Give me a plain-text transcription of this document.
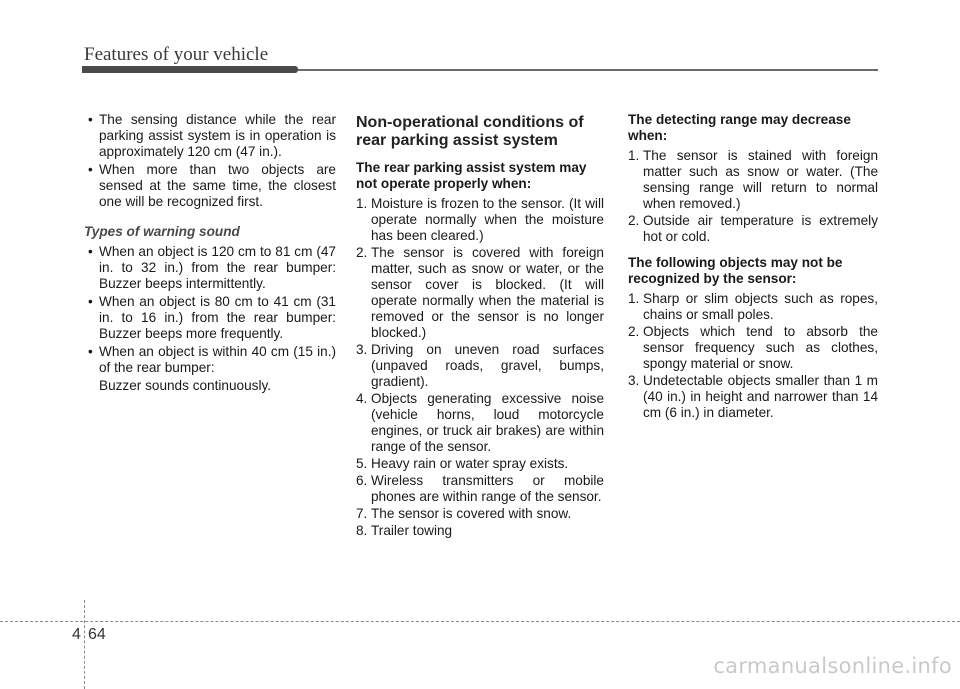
Features of your vehicle
• The sensing distance while the rear parking assist system is in operation is approximately 120 cm (47 in.).
• When more than two objects are sensed at the same time, the closest one will be recognized first.
Types of warning sound
• When an object is 120 cm to 81 cm (47 in. to 32 in.) from the rear bumper: Buzzer beeps intermittently.
• When an object is 80 cm to 41 cm (31 in. to 16 in.) from the rear bumper: Buzzer beeps more frequently.
• When an object is within 40 cm (15 in.) of the rear bumper:
Buzzer sounds continuously.
Non-operational conditions of rear parking assist system
The rear parking assist system may not operate properly when:
1. Moisture is frozen to the sensor. (It will operate normally when the moisture has been cleared.)
2. The sensor is covered with foreign matter, such as snow or water, or the sensor cover is blocked. (It will operate normally when the material is removed or the sensor is no longer blocked.)
3. Driving on uneven road surfaces (unpaved roads, gravel, bumps, gradient).
4. Objects generating excessive noise (vehicle horns, loud motorcycle engines, or truck air brakes) are within range of the sensor.
5. Heavy rain or water spray exists.
6. Wireless transmitters or mobile phones are within range of the sensor.
7. The sensor is covered with snow.
8. Trailer towing
The detecting range may decrease when:
1. The sensor is stained with foreign matter such as snow or water. (The sensing range will return to normal when removed.)
2. Outside air temperature is extremely hot or cold.
The following objects may not be recognized by the sensor:
1. Sharp or slim objects such as ropes, chains or small poles.
2. Objects which tend to absorb the sensor frequency such as clothes, spongy material or snow.
3. Undetectable objects smaller than 1 m (40 in.) in height and narrower than 14 cm (6 in.) in diameter.
4 64
carmanualsonline.info
